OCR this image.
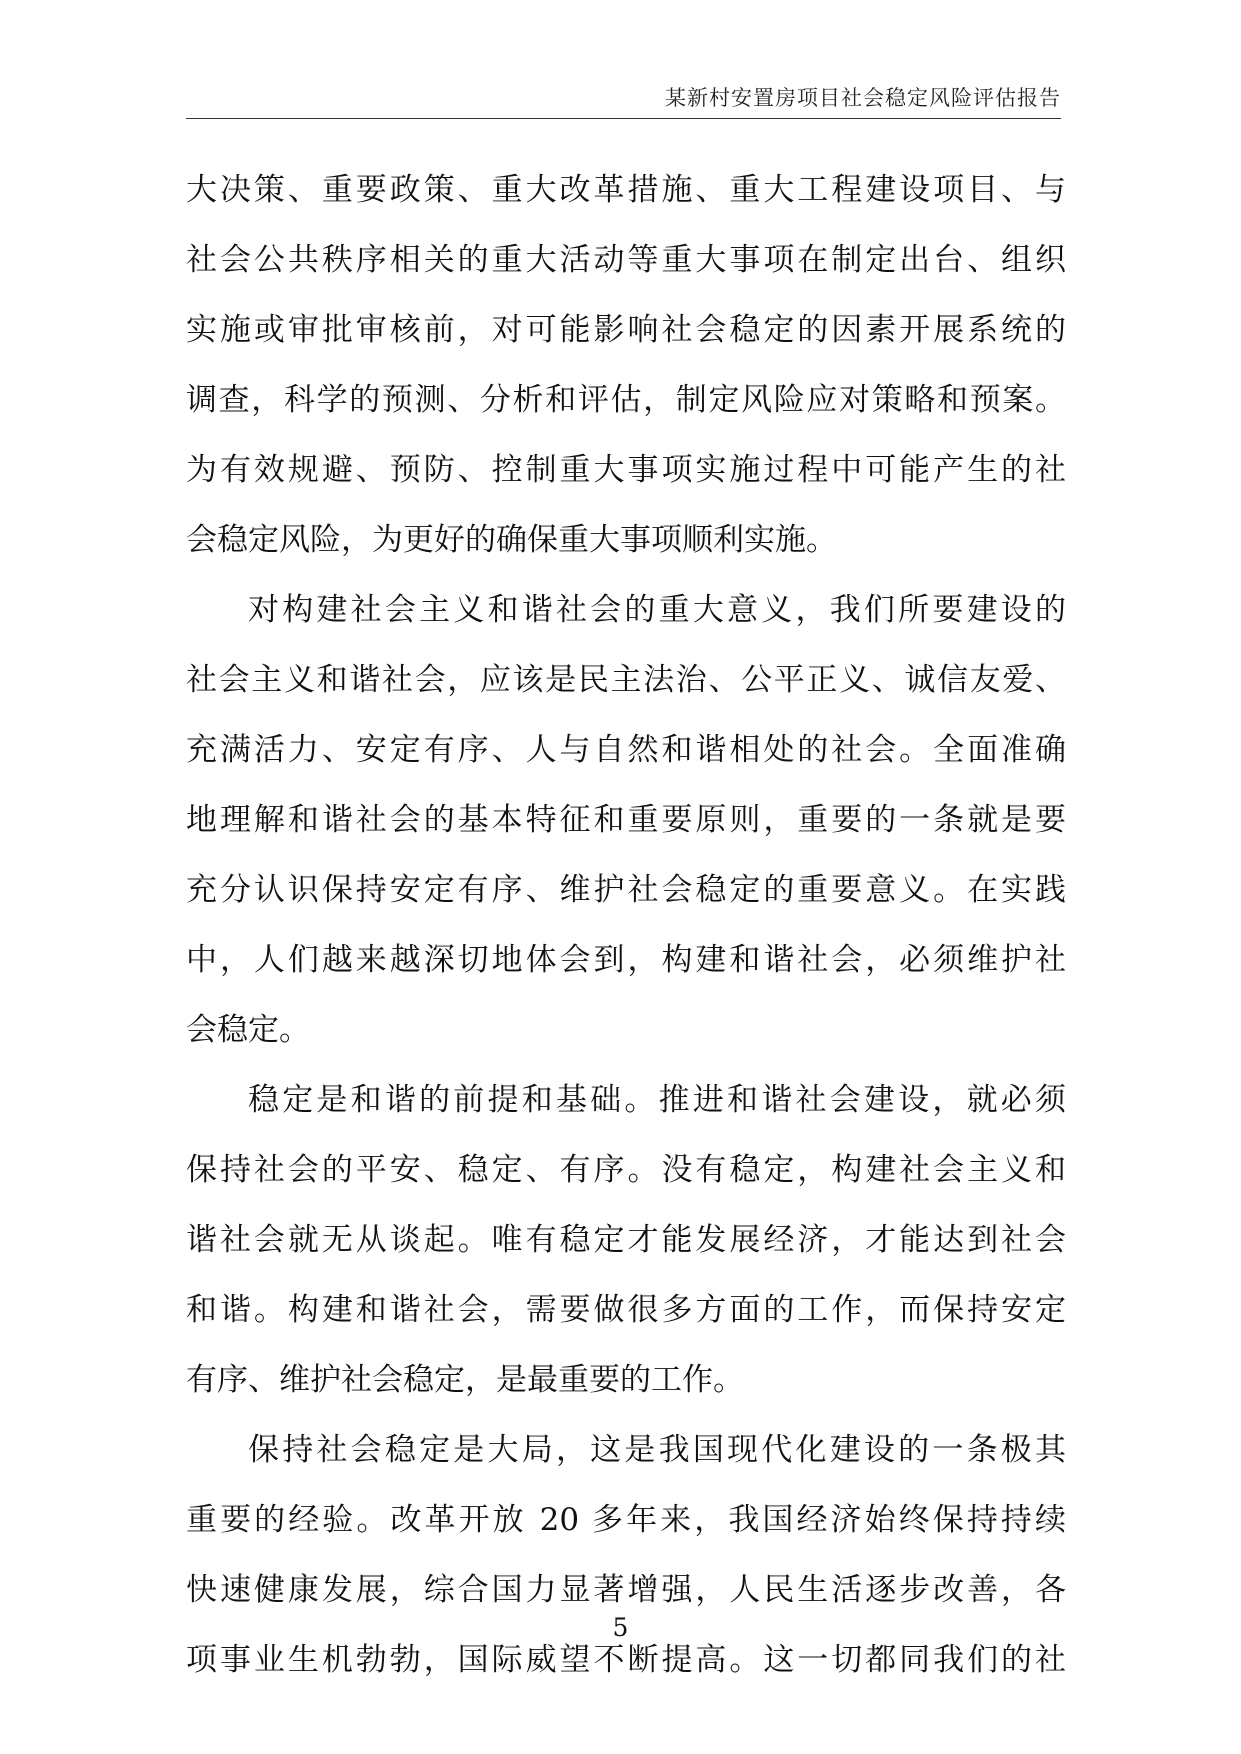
某新村安置房项目社会稳定风险评估报告
大决策、重要政策、重大改革措施、重大工程建设项目、与
社会公共秩序相关的重大活动等重大事项在制定出台、组织
实施或审批审核前，对可能影响社会稳定的因素开展系统的
调查，科学的预测、分析和评估，制定风险应对策略和预案。
为有效规避、预防、控制重大事项实施过程中可能产生的社
会稳定风险，为更好的确保重大事项顺利实施。
对构建社会主义和谐社会的重大意义，我们所要建设的
社会主义和谐社会，应该是民主法治、公平正义、诚信友爱、
充满活力、安定有序、人与自然和谐相处的社会。全面准确
地理解和谐社会的基本特征和重要原则，重要的一条就是要
充分认识保持安定有序、维护社会稳定的重要意义。在实践
中，人们越来越深切地体会到，构建和谐社会，必须维护社
会稳定。
稳定是和谐的前提和基础。推进和谐社会建设，就必须
保持社会的平安、稳定、有序。没有稳定，构建社会主义和
谐社会就无从谈起。唯有稳定才能发展经济，才能达到社会
和谐。构建和谐社会，需要做很多方面的工作，而保持安定
有序、维护社会稳定，是最重要的工作。
保持社会稳定是大局，这是我国现代化建设的一条极其
重要的经验。改革开放 20 多年来，我国经济始终保持持续
快速健康发展，综合国力显著增强，人民生活逐步改善，各
项事业生机勃勃，国际威望不断提高。这一切都同我们的社
5
